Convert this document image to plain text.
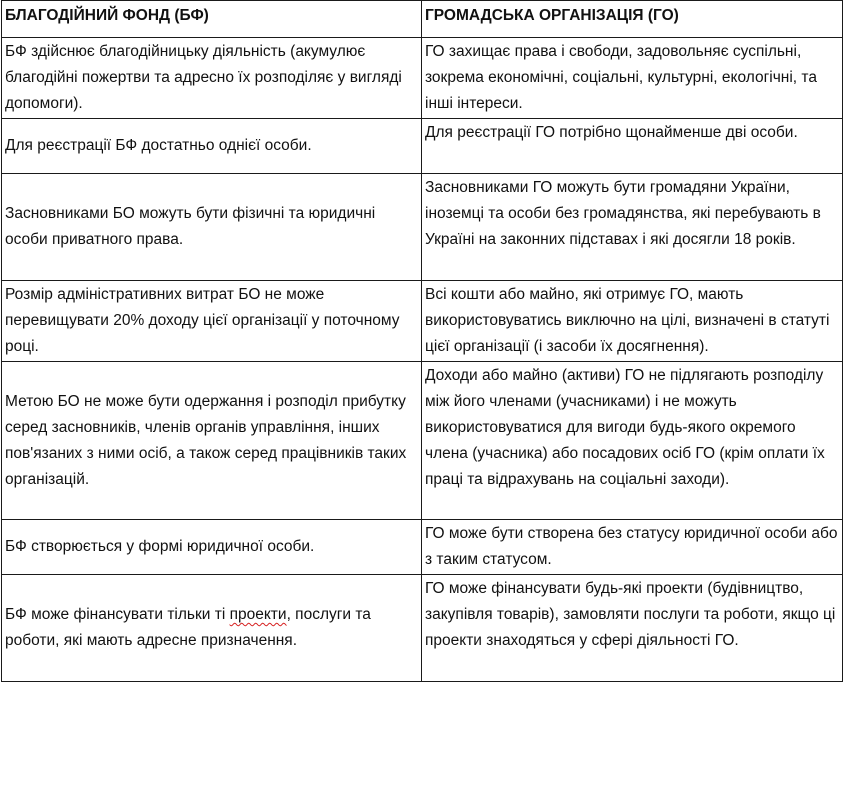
БЛАГОДІЙНИЙ ФОНД (БФ)	ГРОМАДСЬКА ОРГАНІЗАЦІЯ (ГО)
БФ здійснює благодійницьку діяльність (акумулює благодійні пожертви та адресно їх розподіляє у вигляді допомоги).	ГО захищає права і свободи, задовольняє суспільні, зокрема економічні, соціальні, культурні, екологічні, та інші інтереси.
Для реєстрації БФ достатньо однієї особи.	Для реєстрації ГО потрібно щонайменше дві особи.
Засновниками БО можуть бути фізичні та юридичні особи приватного права.	Засновниками ГО можуть бути громадяни України, іноземці та особи без громадянства, які перебувають в Україні на законних підставах і які досягли 18 років.
Розмір адміністративних витрат БО не може перевищувати 20% доходу цієї організації у поточному році.	Всі кошти або майно, які отримує ГО, мають використовуватись виключно на цілі, визначені в статуті цієї організації (і засоби їх досягнення).
Метою БО не може бути одержання і розподіл прибутку серед засновників, членів органів управління, інших пов'язаних з ними осіб, а також серед працівників таких організацій.	Доходи або майно (активи) ГО не підлягають розподілу між його членами (учасниками) і не можуть використовуватися для вигоди будь-якого окремого члена (учасника) або посадових осіб ГО (крім оплати їх праці та відрахувань на соціальні заходи).
БФ створюється у формі юридичної особи.	ГО може бути створена без статусу юридичної особи або з таким статусом.
БФ може фінансувати тільки ті проекти, послуги та роботи, які мають адресне призначення.	ГО може фінансувати будь-які проекти (будівництво, закупівля товарів), замовляти послуги та роботи, якщо ці проекти знаходяться у сфері діяльності ГО.
